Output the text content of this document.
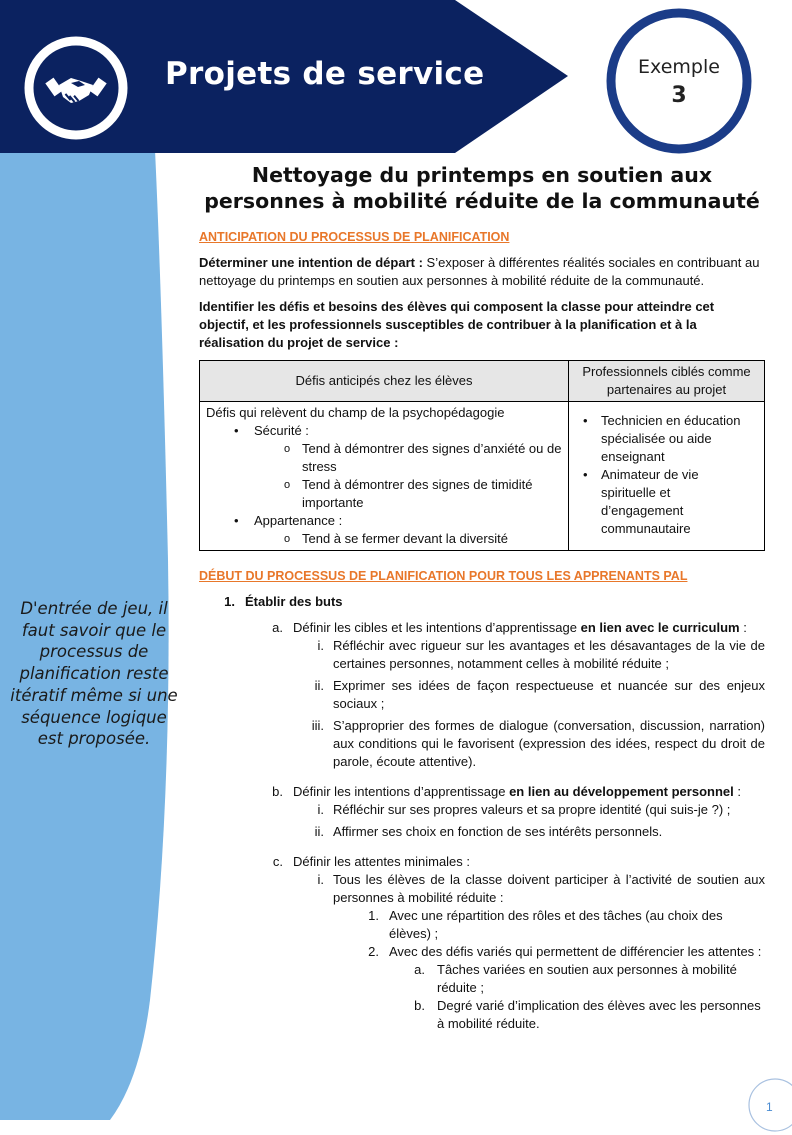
Projets de service	Exemple
3
D'entrée de jeu, il faut savoir que le processus de planification reste itératif même si une séquence logique est proposée.
Nettoyage du printemps en soutien aux personnes à mobilité réduite de la communauté
ANTICIPATION DU PROCESSUS DE PLANIFICATION

Déterminer une intention de départ : S’exposer à différentes réalités sociales en contribuant au nettoyage du printemps en soutien aux personnes à mobilité réduite de la communauté.

Identifier les défis et besoins des élèves qui composent la classe pour atteindre cet objectif, et les professionnels susceptibles de contribuer à la planification et à la réalisation du projet de service :

Défis anticipés chez les élèves	Professionnels ciblés comme partenaires au projet

Défis qui relèvent du champ de la psychopédagogie
• Sécurité :
o Tend à démontrer des signes d’anxiété ou de stress
o Tend à démontrer des signes de timidité importante
• Appartenance :
o Tend à se fermer devant la diversité

• Technicien en éducation spécialisée ou aide enseignant
• Animateur de vie spirituelle et d’engagement communautaire
DÉBUT DU PROCESSUS DE PLANIFICATION POUR TOUS LES APPRENANTS PAL
1. Établir des buts
a. Définir les cibles et les intentions d’apprentissage en lien avec le curriculum :
i. Réfléchir avec rigueur sur les avantages et les désavantages de la vie de certaines personnes, notamment celles à mobilité réduite ;
ii. Exprimer ses idées de façon respectueuse et nuancée sur des enjeux sociaux ;
iii. S’approprier des formes de dialogue (conversation, discussion, narration) aux conditions qui le favorisent (expression des idées, respect du droit de parole, écoute attentive).
b. Définir les intentions d’apprentissage en lien au développement personnel :
i. Réfléchir sur ses propres valeurs et sa propre identité (qui suis-je ?) ;
ii. Affirmer ses choix en fonction de ses intérêts personnels.
c. Définir les attentes minimales :
i. Tous les élèves de la classe doivent participer à l’activité de soutien aux personnes à mobilité réduite :
1. Avec une répartition des rôles et des tâches (au choix des élèves) ;
2. Avec des défis variés qui permettent de différencier les attentes :
a. Tâches variées en soutien aux personnes à mobilité réduite ;
b. Degré varié d’implication des élèves avec les personnes à mobilité réduite.
1
